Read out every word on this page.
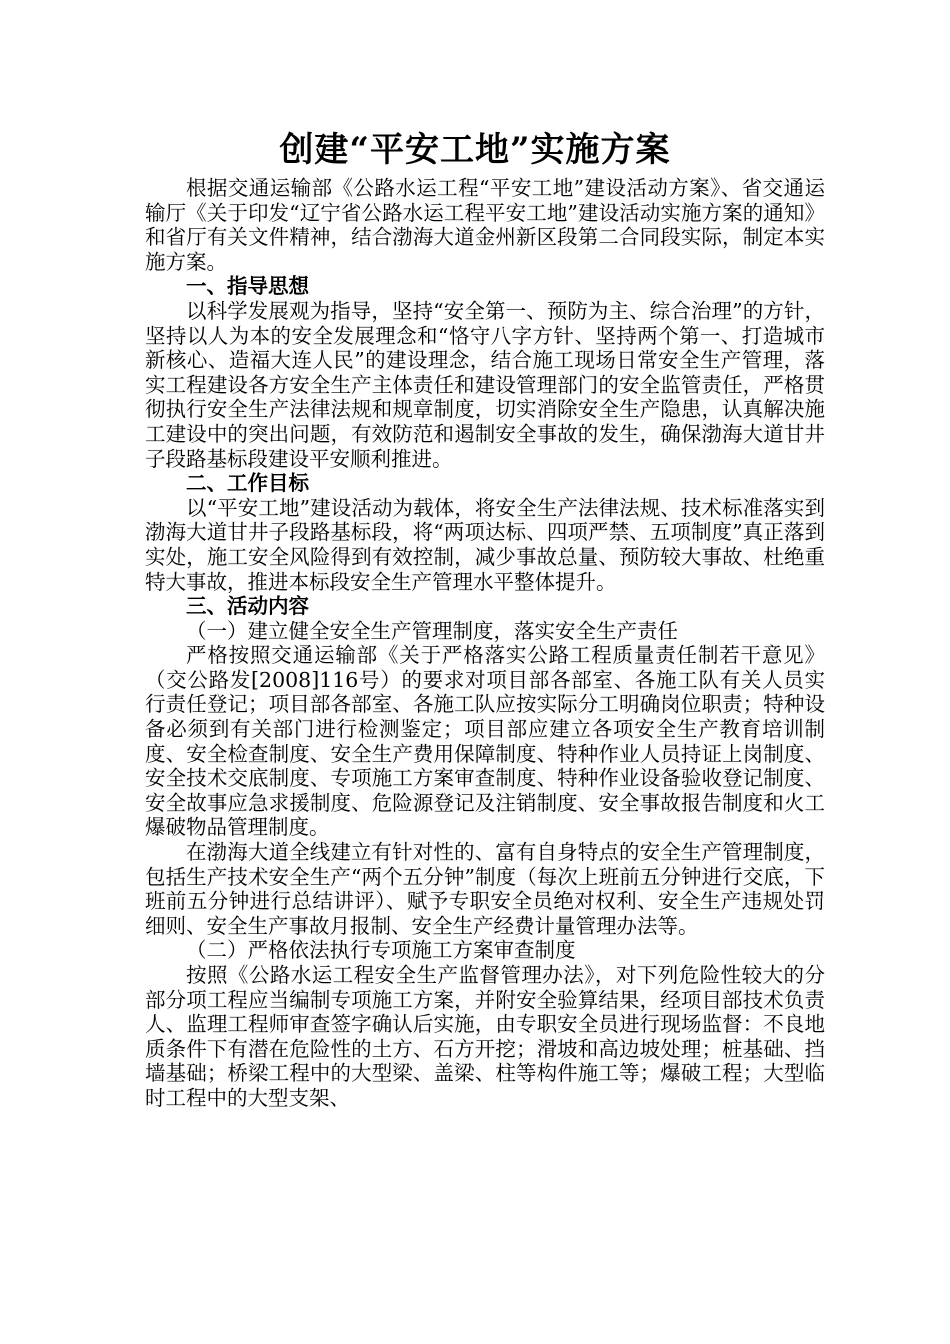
创建“平安工地”实施方案

根据交通运输部《公路水运工程“平安工地”建设活动方案》、省交通运输厅《关于印发“辽宁省公路水运工程平安工地”建设活动实施方案的通知》和省厅有关文件精神，结合渤海大道金州新区段第二合同段实际，制定本实施方案。

一、指导思想

以科学发展观为指导，坚持“安全第一、预防为主、综合治理”的方针，坚持以人为本的安全发展理念和“恪守八字方针、坚持两个第一、打造城市新核心、造福大连人民”的建设理念，结合施工现场日常安全生产管理，落实工程建设各方安全生产主体责任和建设管理部门的安全监管责任，严格贯彻执行安全生产法律法规和规章制度，切实消除安全生产隐患，认真解决施工建设中的突出问题，有效防范和遏制安全事故的发生，确保渤海大道甘井子段路基标段建设平安顺利推进。

二、工作目标

以“平安工地”建设活动为载体，将安全生产法律法规、技术标准落实到渤海大道甘井子段路基标段，将“两项达标、四项严禁、五项制度”真正落到实处，施工安全风险得到有效控制，减少事故总量、预防较大事故、杜绝重特大事故，推进本标段安全生产管理水平整体提升。

三、活动内容

（一）建立健全安全生产管理制度，落实安全生产责任

严格按照交通运输部《关于严格落实公路工程质量责任制若干意见》（交公路发[2008]116号）的要求对项目部各部室、各施工队有关人员实行责任登记；项目部各部室、各施工队应按实际分工明确岗位职责；特种设备必须到有关部门进行检测鉴定；项目部应建立各项安全生产教育培训制度、安全检查制度、安全生产费用保障制度、特种作业人员持证上岗制度、安全技术交底制度、专项施工方案审查制度、特种作业设备验收登记制度、安全故事应急求援制度、危险源登记及注销制度、安全事故报告制度和火工爆破物品管理制度。

在渤海大道全线建立有针对性的、富有自身特点的安全生产管理制度，包括生产技术安全生产“两个五分钟”制度（每次上班前五分钟进行交底，下班前五分钟进行总结讲评）、赋予专职安全员绝对权利、安全生产违规处罚细则、安全生产事故月报制、安全生产经费计量管理办法等。

（二）严格依法执行专项施工方案审查制度

按照《公路水运工程安全生产监督管理办法》，对下列危险性较大的分部分项工程应当编制专项施工方案，并附安全验算结果，经项目部技术负责人、监理工程师审查签字确认后实施，由专职安全员进行现场监督：不良地质条件下有潜在危险性的土方、石方开挖；滑坡和高边坡处理；桩基础、挡墙基础；桥梁工程中的大型梁、盖梁、柱等构件施工等；爆破工程；大型临时工程中的大型支架、
